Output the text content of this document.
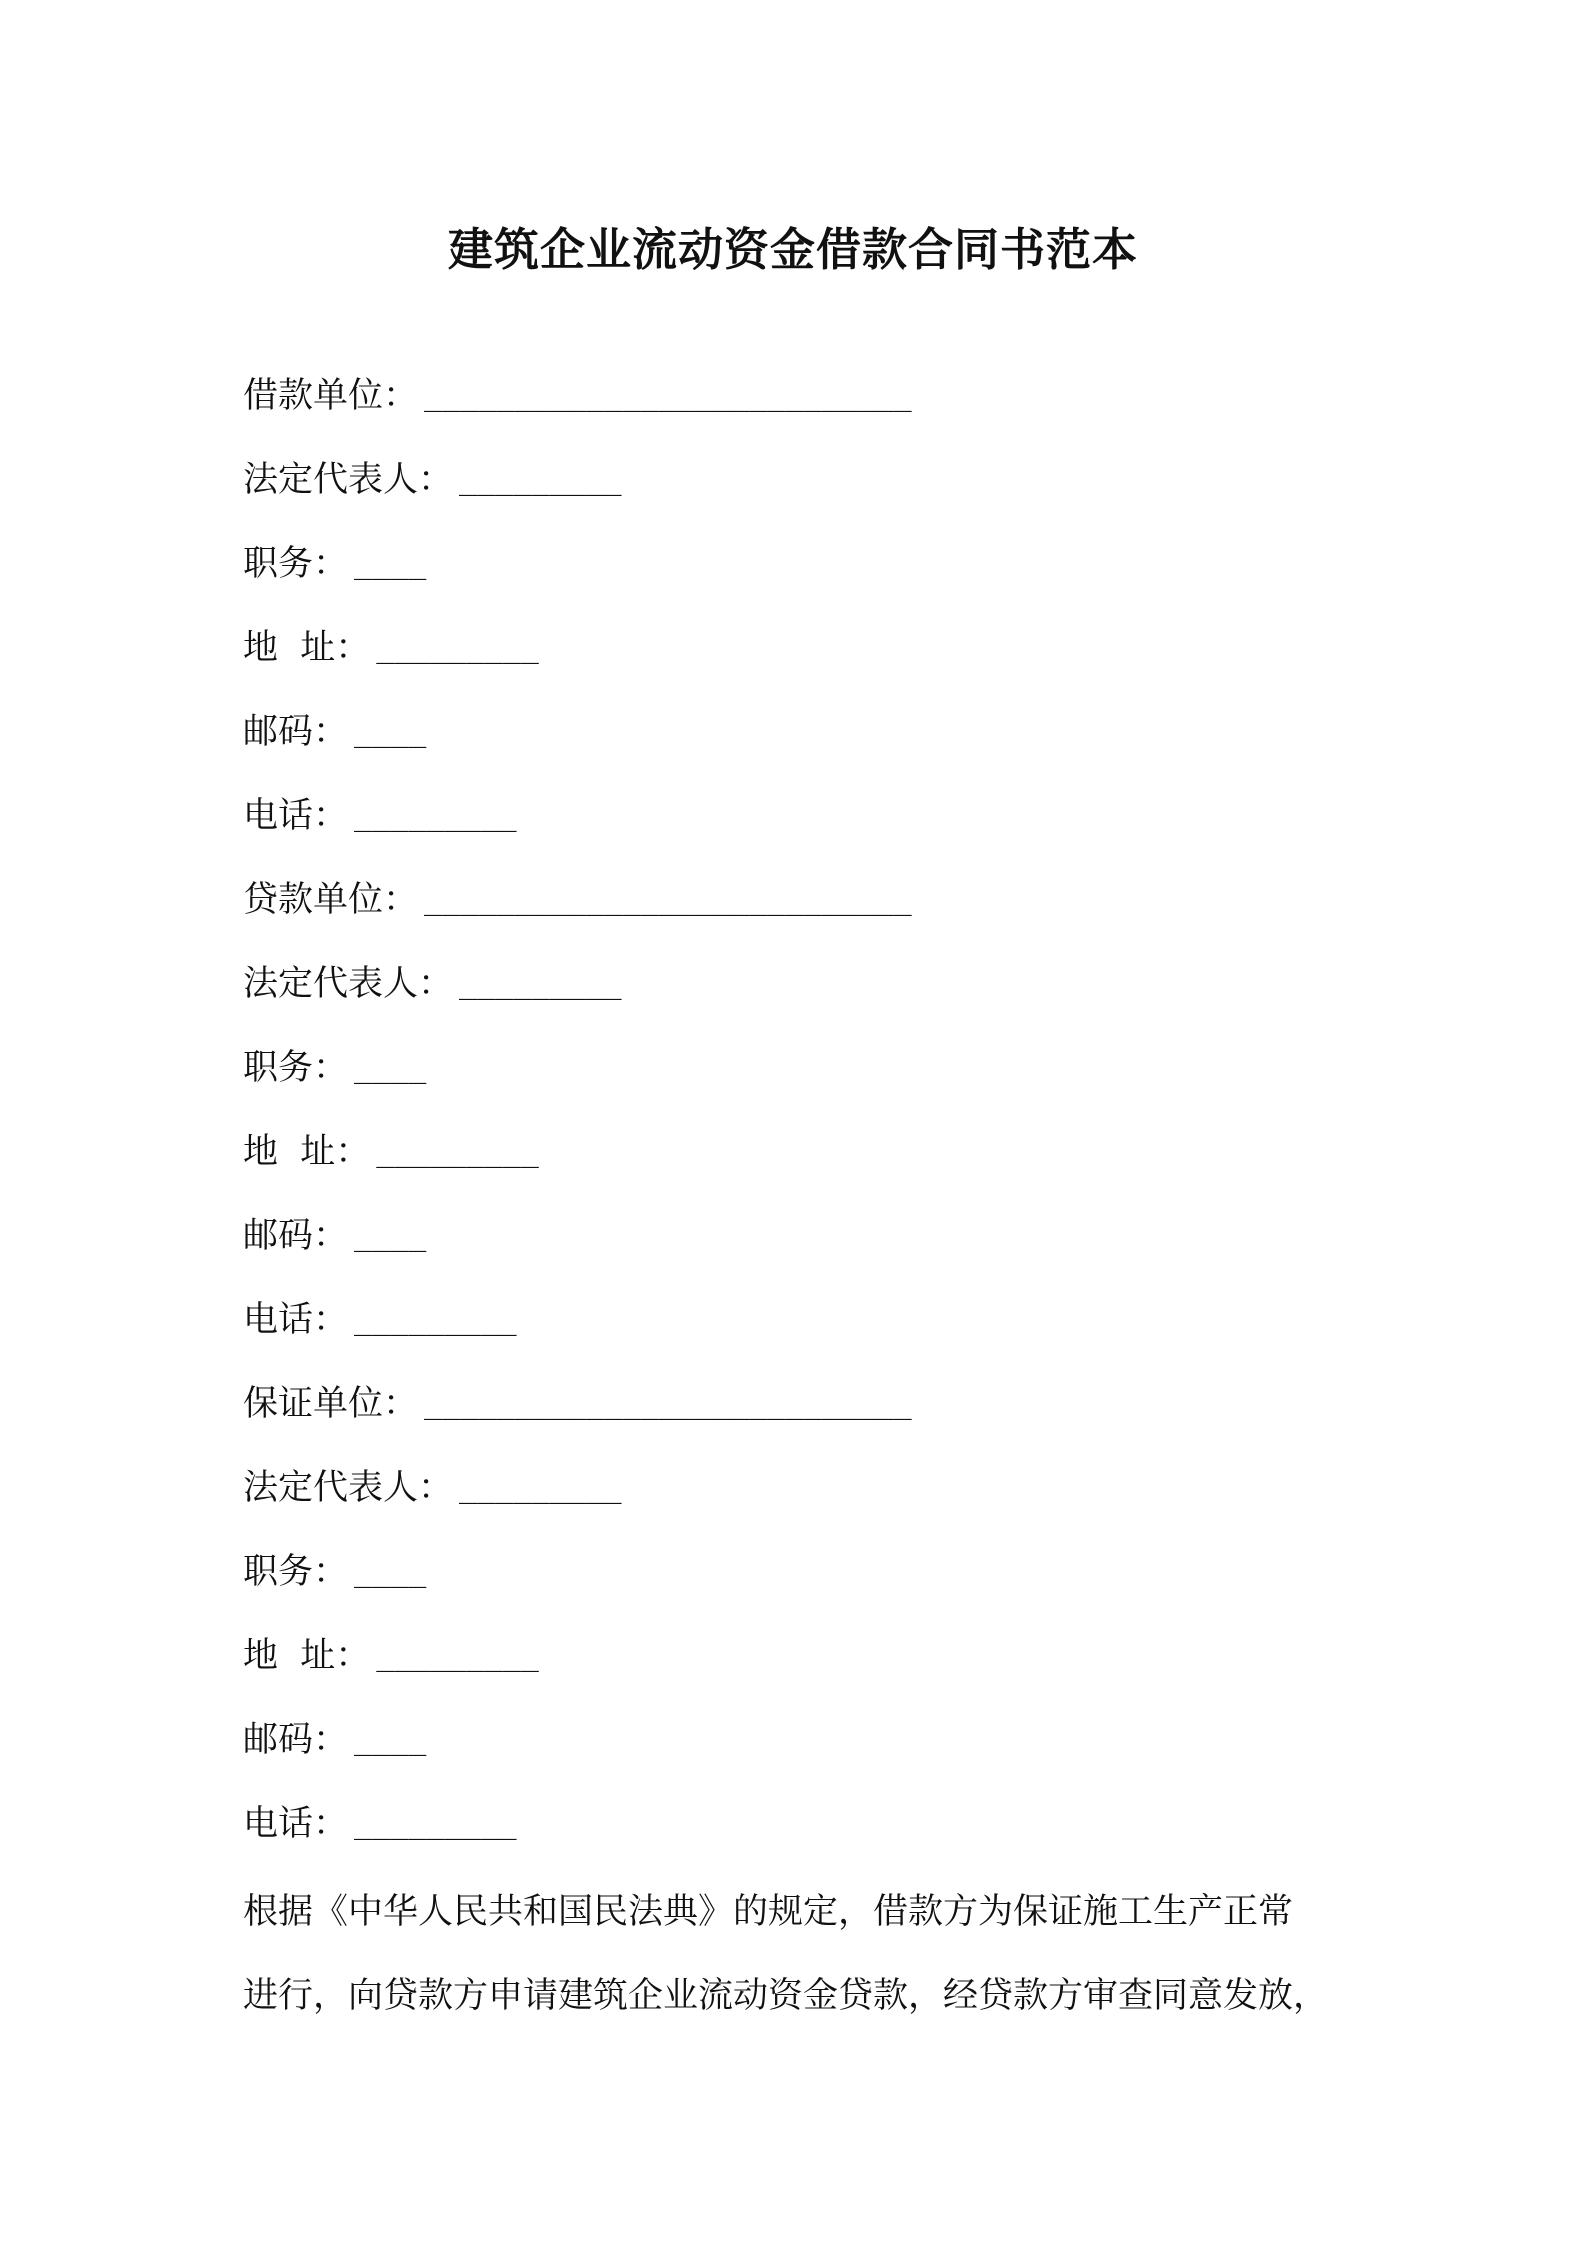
建筑企业流动资金借款合同书范本
借款单位： ___________________________
法定代表人： _________
职务： ____
地  址： _________
邮码： ____
电话： _________
贷款单位： ___________________________
法定代表人： _________
职务： ____
地  址： _________
邮码： ____
电话： _________
保证单位： ___________________________
法定代表人： _________
职务： ____
地  址： _________
邮码： ____
电话： _________
根据《中华人民共和国民法典》的规定，借款方为保证施工生产正常
进行，向贷款方申请建筑企业流动资金贷款，经贷款方审查同意发放，
